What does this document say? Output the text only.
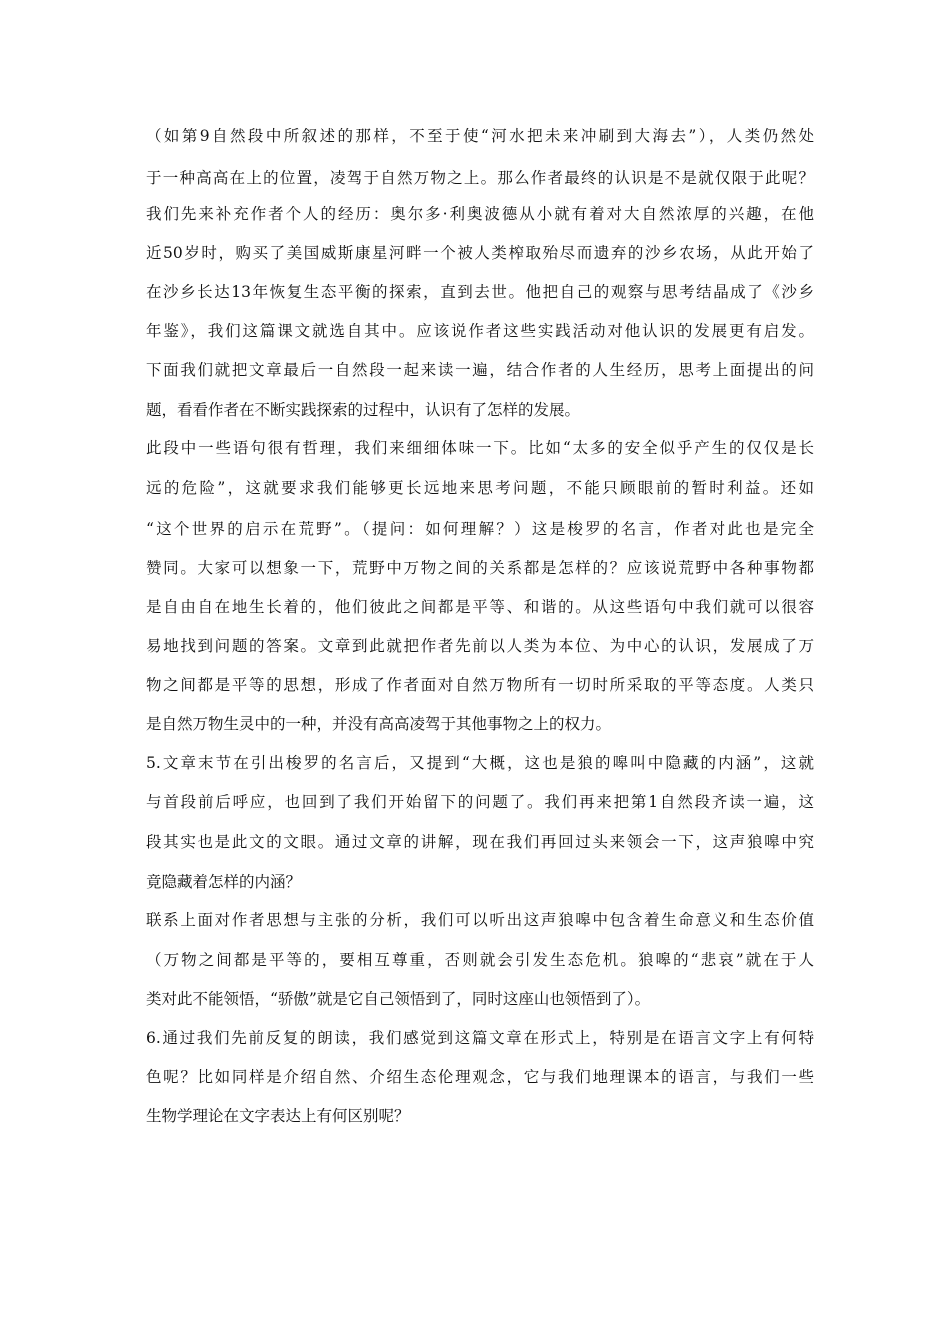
（如第9自然段中所叙述的那样，不至于使“河水把未来冲刷到大海去”），人类仍然处
于一种高高在上的位置，凌驾于自然万物之上。那么作者最终的认识是不是就仅限于此呢？
我们先来补充作者个人的经历：奥尔多·利奥波德从小就有着对大自然浓厚的兴趣，在他
近50岁时，购买了美国威斯康星河畔一个被人类榨取殆尽而遗弃的沙乡农场，从此开始了
在沙乡长达13年恢复生态平衡的探索，直到去世。他把自己的观察与思考结晶成了《沙乡
年鉴》，我们这篇课文就选自其中。应该说作者这些实践活动对他认识的发展更有启发。
下面我们就把文章最后一自然段一起来读一遍，结合作者的人生经历，思考上面提出的问
题，看看作者在不断实践探索的过程中，认识有了怎样的发展。
此段中一些语句很有哲理，我们来细细体味一下。比如“太多的安全似乎产生的仅仅是长
远的危险”，这就要求我们能够更长远地来思考问题，不能只顾眼前的暂时利益。还如
“这个世界的启示在荒野”。（提问：如何理解？）这是梭罗的名言，作者对此也是完全
赞同。大家可以想象一下，荒野中万物之间的关系都是怎样的？应该说荒野中各种事物都
是自由自在地生长着的，他们彼此之间都是平等、和谐的。从这些语句中我们就可以很容
易地找到问题的答案。文章到此就把作者先前以人类为本位、为中心的认识，发展成了万
物之间都是平等的思想，形成了作者面对自然万物所有一切时所采取的平等态度。人类只
是自然万物生灵中的一种，并没有高高凌驾于其他事物之上的权力。
5.文章末节在引出梭罗的名言后，又提到“大概，这也是狼的嗥叫中隐藏的内涵”，这就
与首段前后呼应，也回到了我们开始留下的问题了。我们再来把第1自然段齐读一遍，这
段其实也是此文的文眼。通过文章的讲解，现在我们再回过头来领会一下，这声狼嗥中究
竟隐藏着怎样的内涵？
联系上面对作者思想与主张的分析，我们可以听出这声狼嗥中包含着生命意义和生态价值
（万物之间都是平等的，要相互尊重，否则就会引发生态危机。狼嗥的“悲哀”就在于人
类对此不能领悟，“骄傲”就是它自己领悟到了，同时这座山也领悟到了）。
6.通过我们先前反复的朗读，我们感觉到这篇文章在形式上，特别是在语言文字上有何特
色呢？比如同样是介绍自然、介绍生态伦理观念，它与我们地理课本的语言，与我们一些
生物学理论在文字表达上有何区别呢？
